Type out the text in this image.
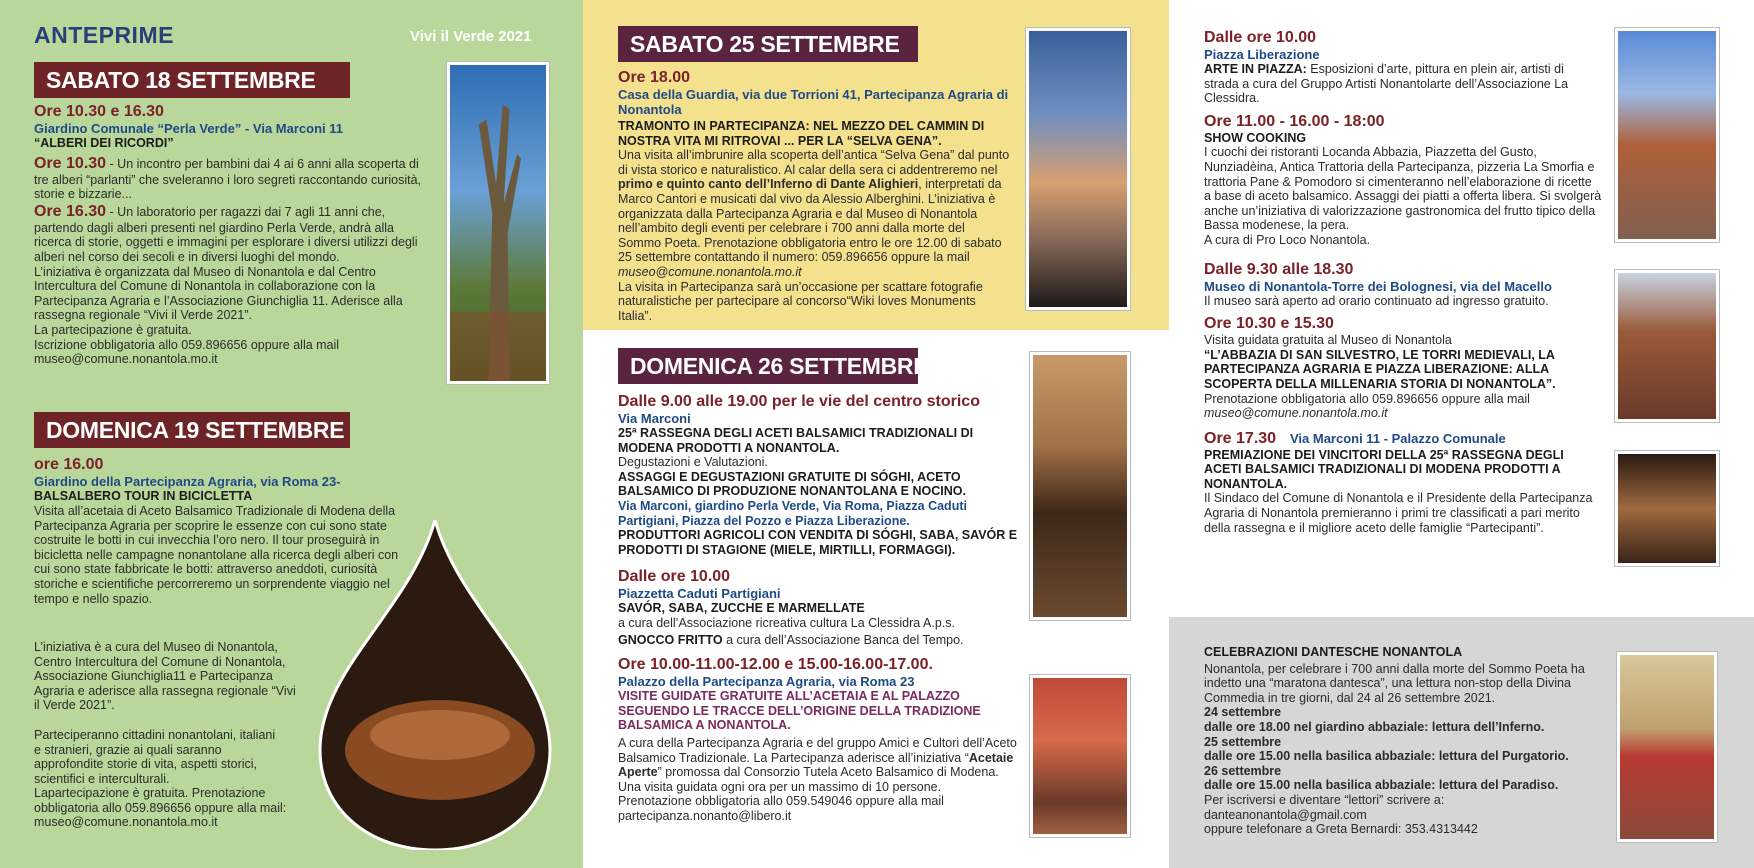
ANTEPRIME	Vivi il Verde 2021
SABATO 18 SETTEMBRE

Ore 10.30 e 16.30

Giardino Comunale “Perla Verde” - Via Marconi 11

“ALBERI DEI RICORDI”

Ore 10.30 - Un incontro per bambini dai 4 ai 6 anni alla scoperta di tre alberi “parlanti” che sveleranno i loro segreti raccontando curiosità, storie e bizzarie...

Ore 16.30 - Un laboratorio per ragazzi dai 7 agli 11 anni che, partendo dagli alberi presenti nel giardino Perla Verde, andrà alla ricerca di storie, oggetti e immagini per esplorare i diversi utilizzi degli alberi nel corso dei secoli e in diversi luoghi del mondo.

L’iniziativa è organizzata dal Museo di Nonantola e dal Centro Intercultura del Comune di Nonantola in collaborazione con la Partecipanza Agraria e l’Associazione Giunchiglia 11. Aderisce alla rassegna regionale “Vivi il Verde 2021”.

La partecipazione è gratuita.

Iscrizione obbligatoria allo 059.896656 oppure alla mail museo@comune.nonantola.mo.it

DOMENICA 19 SETTEMBRE

ore 16.00

Giardino della Partecipanza Agraria, via Roma 23-

BALSALBERO TOUR IN BICICLETTA

Visita all’acetaia di Aceto Balsamico Tradizionale di Modena della Partecipanza Agraria per scoprire le essenze con cui sono state costruite le botti in cui invecchia l’oro nero. Il tour proseguirà in bicicletta nelle campagne nonantolane alla ricerca degli alberi con cui sono state fabbricate le botti: attraverso aneddoti, curiosità storiche e scientifiche percorreremo un sorprendente viaggio nel tempo e nello spazio.
L’iniziativa è a cura del Museo di Nonantola, Centro Intercultura del Comune di Nonantola, Associazione Giunchiglia11 e Partecipanza Agraria e aderisce alla rassegna regionale “Vivi il Verde 2021”.
Parteciperanno cittadini nonantolani, italiani e stranieri, grazie ai quali saranno approfondite storie di vita, aspetti storici, scientifici e interculturali.
Lapartecipazione è gratuita. Prenotazione obbligatoria allo 059.896656 oppure alla mail: museo@comune.nonantola.mo.it
SABATO 25 SETTEMBRE

Ore 18.00

Casa della Guardia, via due Torrioni 41, Partecipanza Agraria di Nonantola

TRAMONTO IN PARTECIPANZA: NEL MEZZO DEL CAMMIN DI NOSTRA VITA MI RITROVAI ... PER LA “SELVA GENA”.

Una visita all’imbrunire alla scoperta dell’antica “Selva Gena” dal punto di vista storico e naturalistico. Al calar della sera ci addentreremo nel primo e quinto canto dell’Inferno di Dante Alighieri, interpretati da Marco Cantori e musicati dal vivo da Alessio Alberghini. L’iniziativa è organizzata dalla Partecipanza Agraria e dal Museo di Nonantola nell’ambito degli eventi per celebrare i 700 anni dalla morte del Sommo Poeta. Prenotazione obbligatoria entro le ore 12.00 di sabato 25 settembre contattando il numero: 059.896656 oppure la mail museo@comune.nonantola.mo.it

La visita in Partecipanza sarà un’occasione per scattare fotografie naturalistiche per partecipare al concorso“Wiki loves Monuments Italia”.

DOMENICA 26 SETTEMBRE

Dalle 9.00 alle 19.00 per le vie del centro storico

Via Marconi

25ª RASSEGNA DEGLI ACETI BALSAMICI TRADIZIONALI DI MODENA PRODOTTI A NONANTOLA.

Degustazioni e Valutazioni.

ASSAGGI E DEGUSTAZIONI GRATUITE DI SÓGHI, ACETO BALSAMICO DI PRODUZIONE NONANTOLANA E NOCINO.

Via Marconi, giardino Perla Verde, Via Roma, Piazza Caduti Partigiani, Piazza del Pozzo e Piazza Liberazione.

PRODUTTORI AGRICOLI CON VENDITA DI SÓGHI, SABA, SAVÓR E PRODOTTI DI STAGIONE (MIELE, MIRTILLI, FORMAGGI).

Dalle ore 10.00

Piazzetta Caduti Partigiani

SAVÓR, SABA, ZUCCHE E MARMELLATE

a cura dell’Associazione ricreativa cultura La Clessidra A.p.s.

GNOCCO FRITTO a cura dell’Associazione Banca del Tempo.

Ore 10.00-11.00-12.00 e 15.00-16.00-17.00.

Palazzo della Partecipanza Agraria, via Roma 23

VISITE GUIDATE GRATUITE ALL’ACETAIA E AL PALAZZO SEGUENDO LE TRACCE DELL’ORIGINE DELLA TRADIZIONE BALSAMICA A NONANTOLA.

A cura della Partecipanza Agraria e del gruppo Amici e Cultori dell’Aceto Balsamico Tradizionale. La Partecipanza aderisce all’iniziativa “Acetaie Aperte” promossa dal Consorzio Tutela Aceto Balsamico di Modena. Una visita guidata ogni ora per un massimo di 10 persone. Prenotazione obbligatoria allo 059.549046 oppure alla mail partecipanza.nonanto@libero.it

Dalle ore 10.00

Piazza Liberazione

ARTE IN PIAZZA: Esposizioni d’arte, pittura en plein air, artisti di strada a cura del Gruppo Artisti Nonantolarte dell’Associazione La Clessidra.

Ore 11.00 - 16.00 - 18:00

SHOW COOKING

I cuochi dei ristoranti Locanda Abbazia, Piazzetta del Gusto, Nunziadèina, Antica Trattoria della Partecipanza, pizzeria La Smorfia e trattoria Pane & Pomodoro si cimenteranno nell’elaborazione di ricette a base di aceto balsamico. Assaggi dei piatti a offerta libera. Si svolgerà anche un’iniziativa di valorizzazione gastronomica del frutto tipico della Bassa modenese, la pera.

A cura di Pro Loco Nonantola.

Dalle 9.30 alle 18.30

Museo di Nonantola-Torre dei Bolognesi, via del Macello

Il museo sarà aperto ad orario continuato ad ingresso gratuito.

Ore 10.30 e 15.30

Visita guidata gratuita al Museo di Nonantola

“L’ABBAZIA DI SAN SILVESTRO, LE TORRI MEDIEVALI, LA PARTECIPANZA AGRARIA E PIAZZA LIBERAZIONE: ALLA SCOPERTA DELLA MILLENARIA STORIA DI NONANTOLA”.

Prenotazione obbligatoria allo 059.896656 oppure alla mail

museo@comune.nonantola.mo.it

Ore 17.30 Via Marconi 11 - Palazzo Comunale

PREMIAZIONE DEI VINCITORI DELLA 25ª RASSEGNA DEGLI ACETI BALSAMICI TRADIZIONALI DI MODENA PRODOTTI A NONANTOLA.

Il Sindaco del Comune di Nonantola e il Presidente della Partecipanza Agraria di Nonantola premieranno i primi tre classificati a pari merito della rassegna e il migliore aceto delle famiglie “Partecipanti”.

CELEBRAZIONI DANTESCHE NONANTOLA

Nonantola, per celebrare i 700 anni dalla morte del Sommo Poeta ha indetto una “maratona dantesca”, una lettura non-stop della Divina Commedia in tre giorni, dal 24 al 26 settembre 2021.

24 settembre

dalle ore 18.00 nel giardino abbaziale: lettura dell’Inferno.

25 settembre

dalle ore 15.00 nella basilica abbaziale: lettura del Purgatorio.

26 settembre

dalle ore 15.00 nella basilica abbaziale: lettura del Paradiso.

Per iscriversi e diventare “lettori” scrivere a:

danteanonantola@gmail.com

oppure telefonare a Greta Bernardi: 353.4313442
